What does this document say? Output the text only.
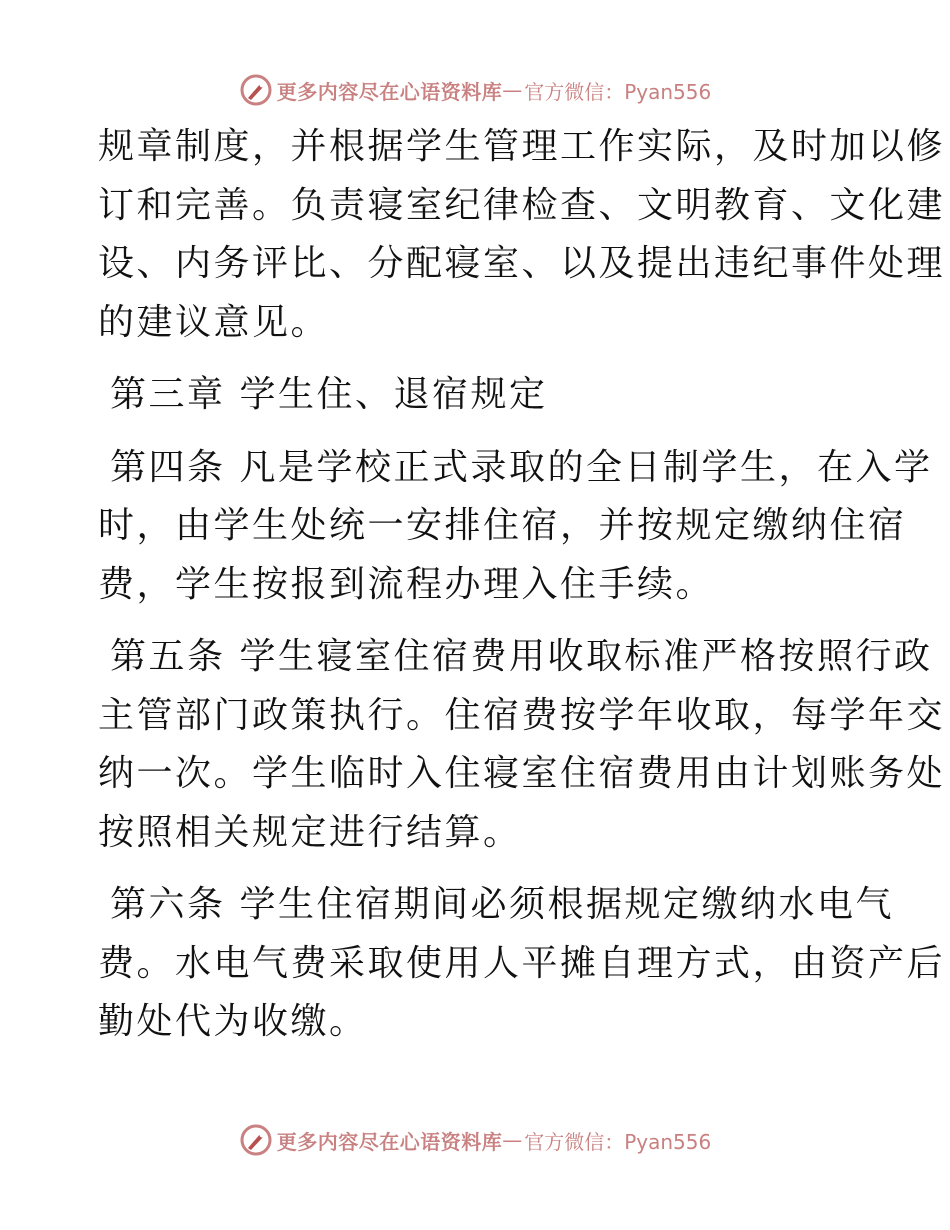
更多内容尽在心语资料库 — 官方微信：Pyan556
规章制度，并根据学生管理工作实际，及时加以修
订和完善。负责寝室纪律检查、文明教育、文化建
设、内务评比、分配寝室、以及提出违纪事件处理
的建议意见。
第三章 学生住、退宿规定
第四条 凡是学校正式录取的全日制学生，在入学
时，由学生处统一安排住宿，并按规定缴纳住宿
费，学生按报到流程办理入住手续。
第五条 学生寝室住宿费用收取标准严格按照行政
主管部门政策执行。住宿费按学年收取，每学年交
纳一次。学生临时入住寝室住宿费用由计划账务处
按照相关规定进行结算。
第六条 学生住宿期间必须根据规定缴纳水电气
费。水电气费采取使用人平摊自理方式，由资产后
勤处代为收缴。
更多内容尽在心语资料库 — 官方微信：Pyan556
